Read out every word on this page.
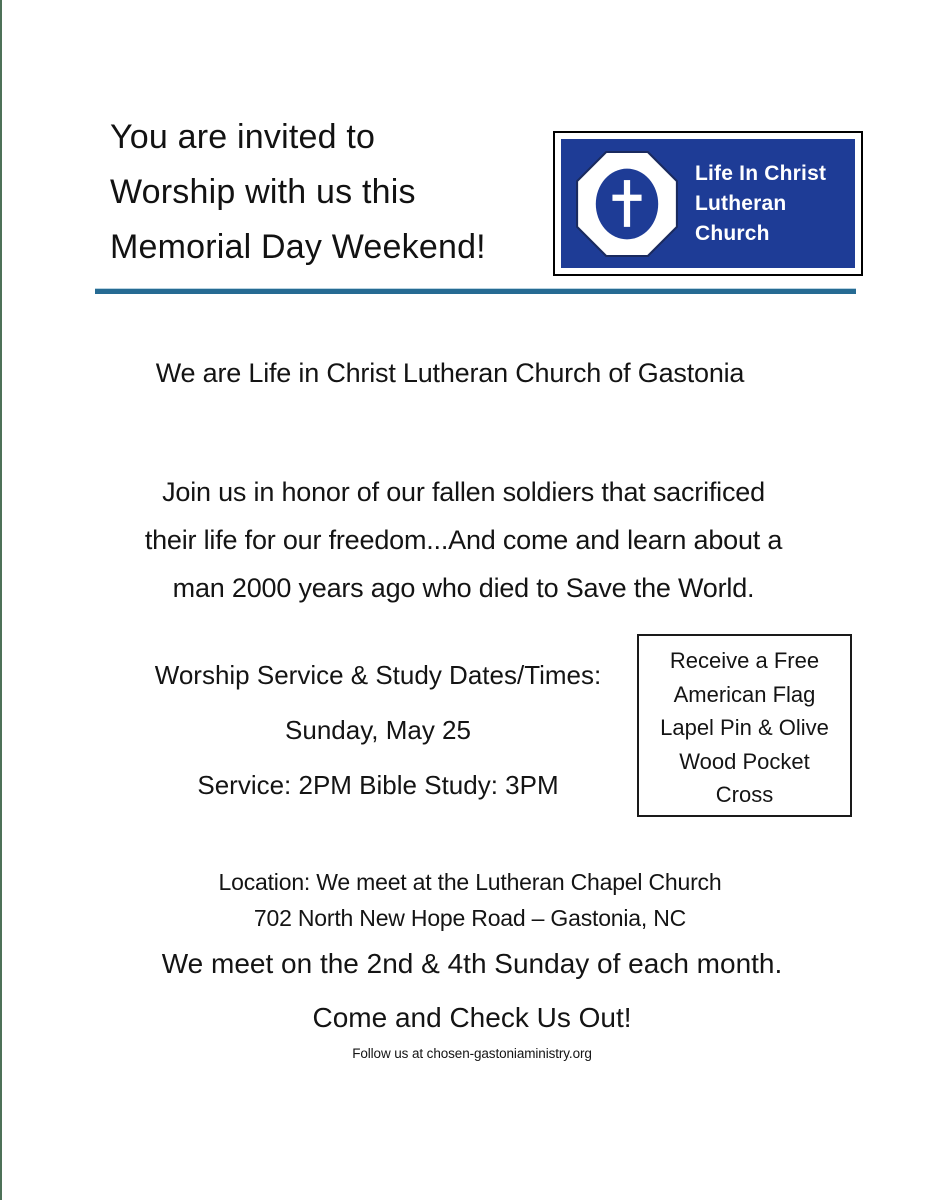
You are invited to
Worship with us this
Memorial Day Weekend!
Life In Christ
Lutheran Church
We are Life in Christ Lutheran Church of Gastonia
Join us in honor of our fallen soldiers that sacrificed
their life for our freedom...And come and learn about a
man 2000 years ago who died to Save the World.
Worship Service & Study Dates/Times:
Sunday, May 25
Service: 2PM Bible Study: 3PM
Receive a Free
American Flag
Lapel Pin & Olive
Wood Pocket
Cross
Location: We meet at the Lutheran Chapel Church
702 North New Hope Road – Gastonia, NC
We meet on the 2nd & 4th Sunday of each month.
Come and Check Us Out!
Follow us at chosen-gastoniaministry.org
